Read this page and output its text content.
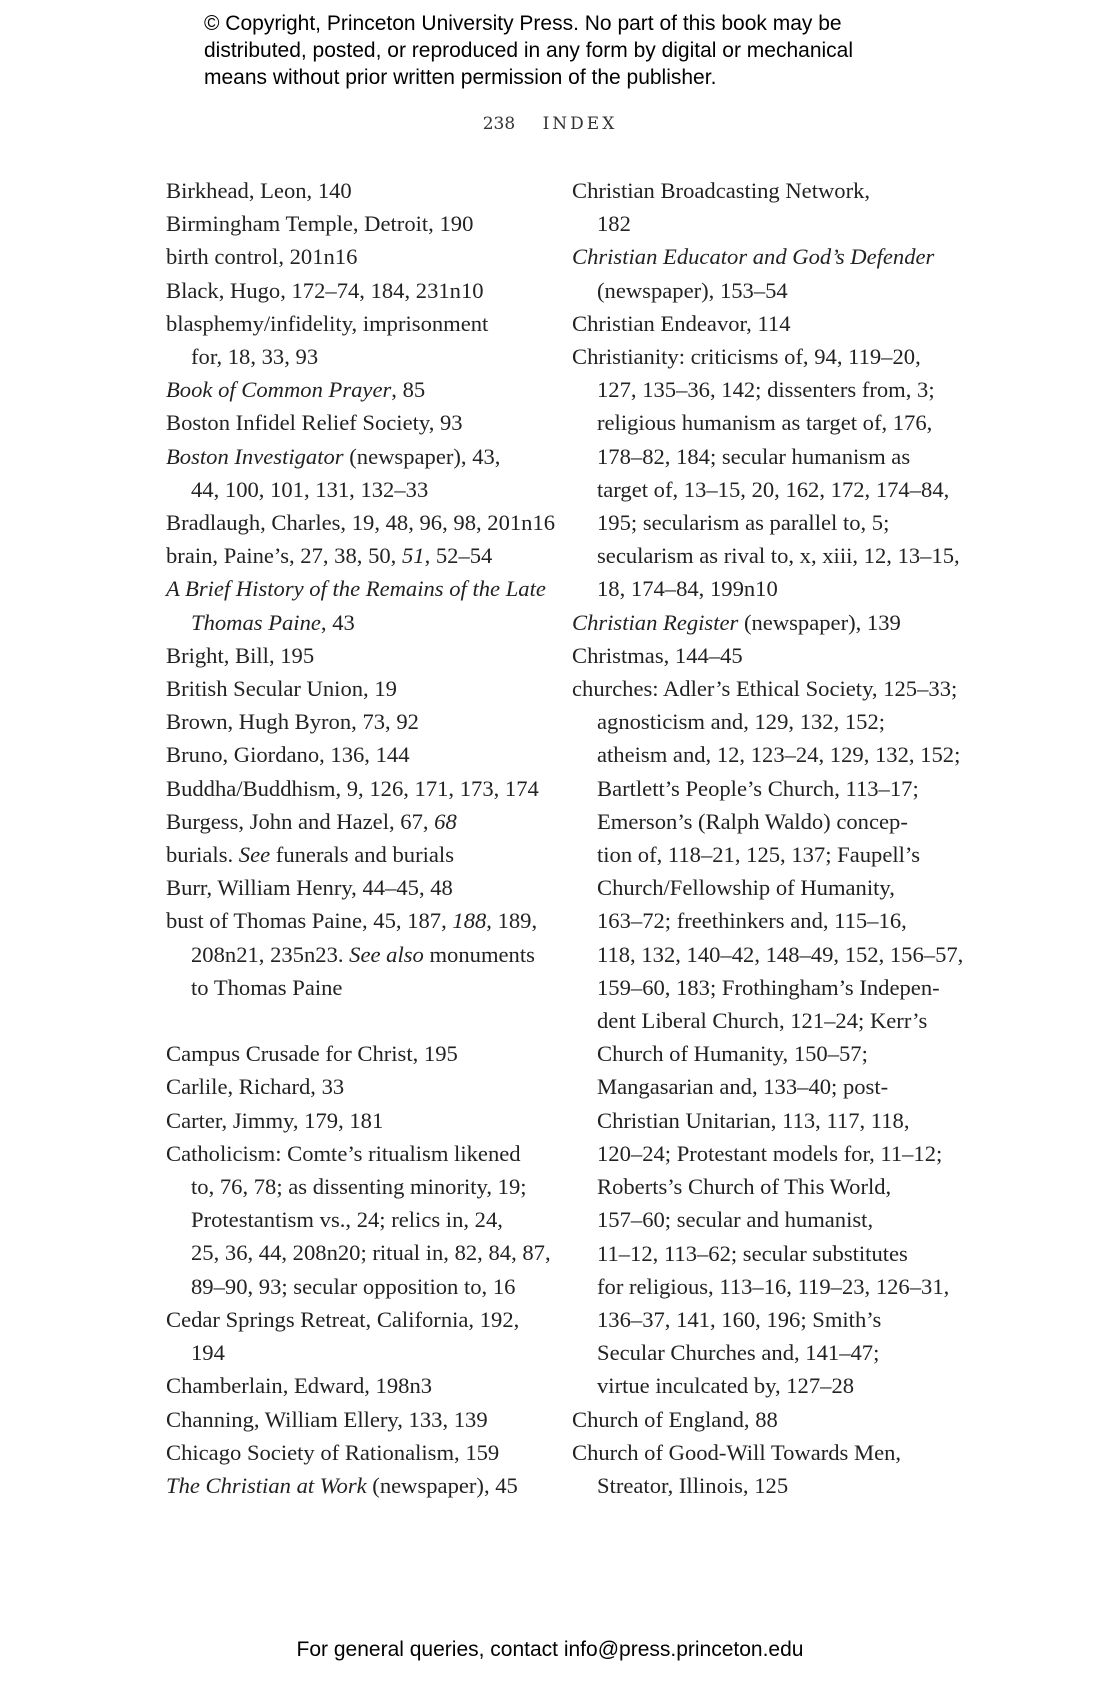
© Copyright, Princeton University Press. No part of this book may be
distributed, posted, or reproduced in any form by digital or mechanical
means without prior written permission of the publisher.
238 INDEX
Birkhead, Leon, 140
Birmingham Temple, Detroit, 190
birth control, 201n16
Black, Hugo, 172–74, 184, 231n10
blasphemy/infidelity, imprisonment
for, 18, 33, 93
Book of Common Prayer, 85
Boston Infidel Relief Society, 93
Boston Investigator (newspaper), 43,
44, 100, 101, 131, 132–33
Bradlaugh, Charles, 19, 48, 96, 98, 201n16
brain, Paine’s, 27, 38, 50, 51, 52–54
A Brief History of the Remains of the Late
Thomas Paine, 43
Bright, Bill, 195
British Secular Union, 19
Brown, Hugh Byron, 73, 92
Bruno, Giordano, 136, 144
Buddha/Buddhism, 9, 126, 171, 173, 174
Burgess, John and Hazel, 67, 68
burials. See funerals and burials
Burr, William Henry, 44–45, 48
bust of Thomas Paine, 45, 187, 188, 189,
208n21, 235n23. See also monuments
to Thomas Paine
Campus Crusade for Christ, 195
Carlile, Richard, 33
Carter, Jimmy, 179, 181
Catholicism: Comte’s ritualism likened
to, 76, 78; as dissenting minority, 19;
Protestantism vs., 24; relics in, 24,
25, 36, 44, 208n20; ritual in, 82, 84, 87,
89–90, 93; secular opposition to, 16
Cedar Springs Retreat, California, 192,
194
Chamberlain, Edward, 198n3
Channing, William Ellery, 133, 139
Chicago Society of Rationalism, 159
The Christian at Work (newspaper), 45
Christian Broadcasting Network,
182
Christian Educator and God’s Defender
(newspaper), 153–54
Christian Endeavor, 114
Christianity: criticisms of, 94, 119–20,
127, 135–36, 142; dissenters from, 3;
religious humanism as target of, 176,
178–82, 184; secular humanism as
target of, 13–15, 20, 162, 172, 174–84,
195; secularism as parallel to, 5;
secularism as rival to, x, xiii, 12, 13–15,
18, 174–84, 199n10
Christian Register (newspaper), 139
Christmas, 144–45
churches: Adler’s Ethical Society, 125–33;
agnosticism and, 129, 132, 152;
atheism and, 12, 123–24, 129, 132, 152;
Bartlett’s People’s Church, 113–17;
Emerson’s (Ralph Waldo) concep-
tion of, 118–21, 125, 137; Faupell’s
Church/Fellowship of Humanity,
163–72; freethinkers and, 115–16,
118, 132, 140–42, 148–49, 152, 156–57,
159–60, 183; Frothingham’s Indepen-
dent Liberal Church, 121–24; Kerr’s
Church of Humanity, 150–57;
Mangasarian and, 133–40; post-
Christian Unitarian, 113, 117, 118,
120–24; Protestant models for, 11–12;
Roberts’s Church of This World,
157–60; secular and humanist,
11–12, 113–62; secular substitutes
for religious, 113–16, 119–23, 126–31,
136–37, 141, 160, 196; Smith’s
Secular Churches and, 141–47;
virtue inculcated by, 127–28
Church of England, 88
Church of Good-Will Towards Men,
Streator, Illinois, 125
For general queries, contact info@press.princeton.edu
